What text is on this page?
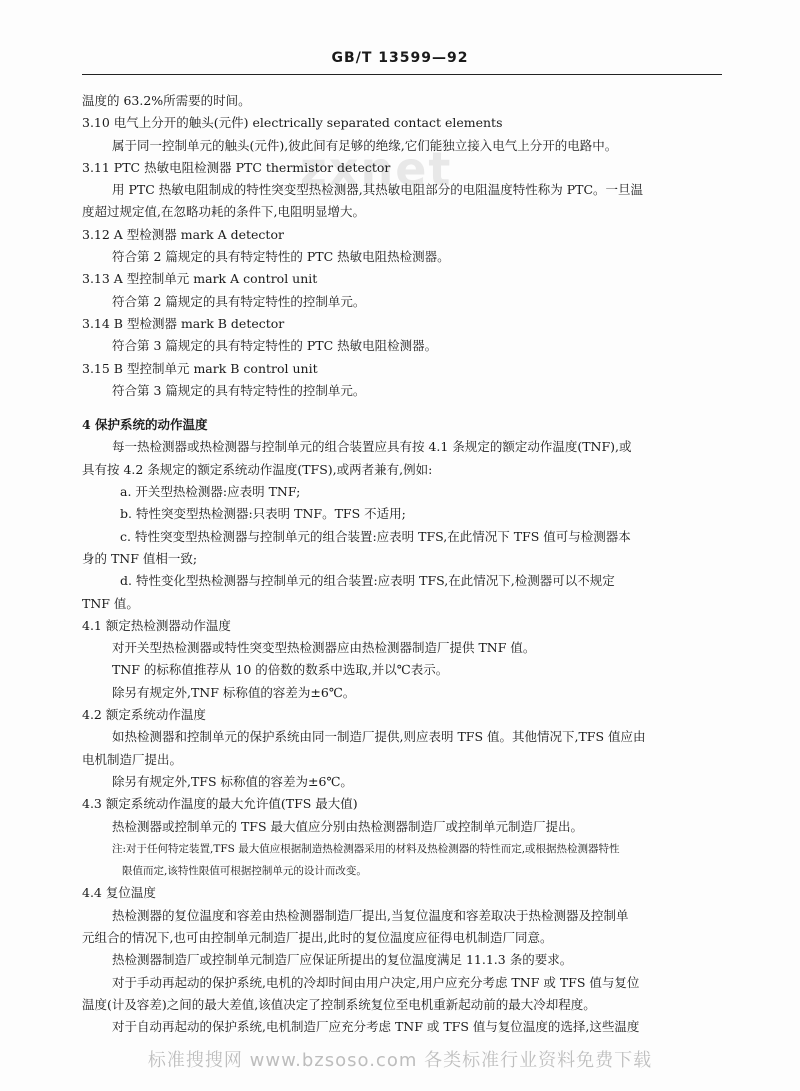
GB/T 13599—92
zxnet
温度的 63.2%所需要的时间。
3.10 电气上分开的触头(元件) electrically separated contact elements
属于同一控制单元的触头(元件),彼此间有足够的绝缘,它们能独立接入电气上分开的电路中。
3.11 PTC 热敏电阻检测器 PTC thermistor detector
用 PTC 热敏电阻制成的特性突变型热检测器,其热敏电阻部分的电阻温度特性称为 PTC。一旦温
度超过规定值,在忽略功耗的条件下,电阻明显增大。
3.12 A 型检测器 mark A detector
符合第 2 篇规定的具有特定特性的 PTC 热敏电阻热检测器。
3.13 A 型控制单元 mark A control unit
符合第 2 篇规定的具有特定特性的控制单元。
3.14 B 型检测器 mark B detector
符合第 3 篇规定的具有特定特性的 PTC 热敏电阻检测器。
3.15 B 型控制单元 mark B control unit
符合第 3 篇规定的具有特定特性的控制单元。
4 保护系统的动作温度
每一热检测器或热检测器与控制单元的组合装置应具有按 4.1 条规定的额定动作温度(TNF),或
具有按 4.2 条规定的额定系统动作温度(TFS),或两者兼有,例如:
a. 开关型热检测器:应表明 TNF;
b. 特性突变型热检测器:只表明 TNF。TFS 不适用;
c. 特性突变型热检测器与控制单元的组合装置:应表明 TFS,在此情况下 TFS 值可与检测器本
身的 TNF 值相一致;
d. 特性变化型热检测器与控制单元的组合装置:应表明 TFS,在此情况下,检测器可以不规定
TNF 值。
4.1 额定热检测器动作温度
对开关型热检测器或特性突变型热检测器应由热检测器制造厂提供 TNF 值。
TNF 的标称值推荐从 10 的倍数的数系中选取,并以℃表示。
除另有规定外,TNF 标称值的容差为±6℃。
4.2 额定系统动作温度
如热检测器和控制单元的保护系统由同一制造厂提供,则应表明 TFS 值。其他情况下,TFS 值应由
电机制造厂提出。
除另有规定外,TFS 标称值的容差为±6℃。
4.3 额定系统动作温度的最大允许值(TFS 最大值)
热检测器或控制单元的 TFS 最大值应分别由热检测器制造厂或控制单元制造厂提出。
注:对于任何特定装置,TFS 最大值应根据制造热检测器采用的材料及热检测器的特性而定,或根据热检测器特性
限值而定,该特性限值可根据控制单元的设计而改变。
4.4 复位温度
热检测器的复位温度和容差由热检测器制造厂提出,当复位温度和容差取决于热检测器及控制单
元组合的情况下,也可由控制单元制造厂提出,此时的复位温度应征得电机制造厂同意。
热检测器制造厂或控制单元制造厂应保证所提出的复位温度满足 11.1.3 条的要求。
对于手动再起动的保护系统,电机的冷却时间由用户决定,用户应充分考虑 TNF 或 TFS 值与复位
温度(计及容差)之间的最大差值,该值决定了控制系统复位至电机重新起动前的最大冷却程度。
对于自动再起动的保护系统,电机制造厂应充分考虑 TNF 或 TFS 值与复位温度的选择,这些温度
标准搜搜网 www.bzsoso.com 各类标准行业资料免费下载
